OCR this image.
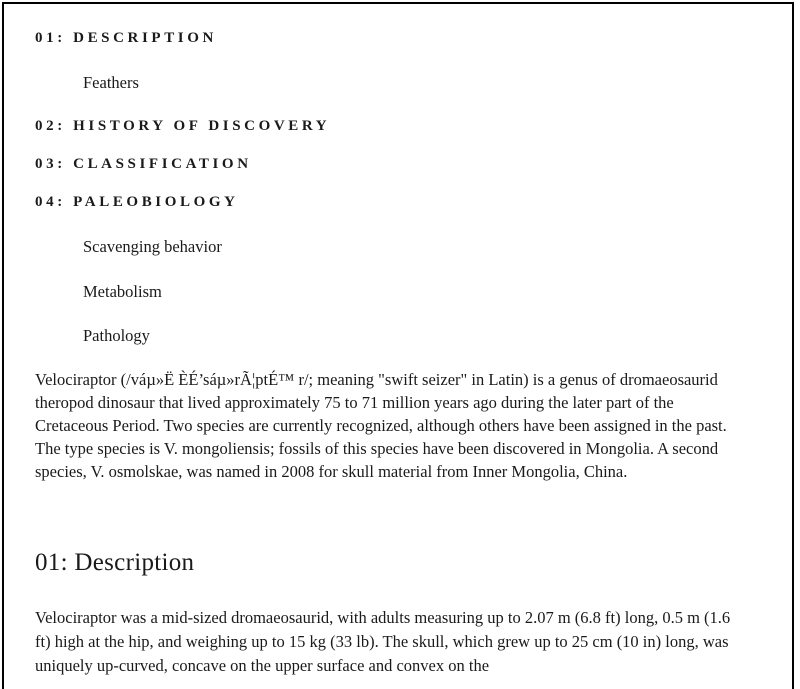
01: DESCRIPTION
Feathers
02: HISTORY OF DISCOVERY
03: CLASSIFICATION
04: PALEOBIOLOGY
Scavenging behavior
Metabolism
Pathology

Velociraptor (/váµ»Ë ÈÉ’sáµ»rÃ¦ptÉ™ r/; meaning "swift seizer" in Latin) is a genus of dromaeosaurid theropod dinosaur that lived approximately 75 to 71 million years ago during the later part of the Cretaceous Period. Two species are currently recognized, although others have been assigned in the past. The type species is V. mongoliensis; fossils of this species have been discovered in Mongolia. A second species, V. osmolskae, was named in 2008 for skull material from Inner Mongolia, China.

01: Description

Velociraptor was a mid-sized dromaeosaurid, with adults measuring up to 2.07 m (6.8 ft) long, 0.5 m (1.6 ft) high at the hip, and weighing up to 15 kg (33 lb). The skull, which grew up to 25 cm (10 in) long, was uniquely up-curved, concave on the upper surface and convex on the
